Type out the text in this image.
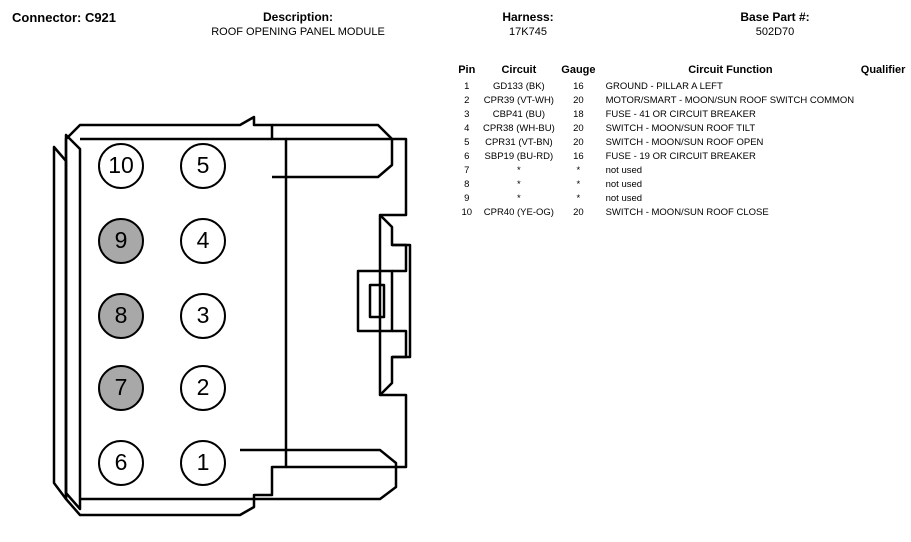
Connector: C921	Description:
ROOF OPENING PANEL MODULE
Harness:
17K745
Base Part #:
502D70
Pin	Circuit	Gauge	Circuit Function	Qualifier
1	GD133 (BK)	16	GROUND - PILLAR A LEFT	
2	CPR39 (VT-WH)	20	MOTOR/SMART - MOON/SUN ROOF SWITCH COMMON	
3	CBP41 (BU)	18	FUSE - 41 OR CIRCUIT BREAKER	
4	CPR38 (WH-BU)	20	SWITCH - MOON/SUN ROOF TILT	
5	CPR31 (VT-BN)	20	SWITCH - MOON/SUN ROOF OPEN	
6	SBP19 (BU-RD)	16	FUSE - 19 OR CIRCUIT BREAKER	
7	*	*	not used	
8	*	*	not used	
9	*	*	not used	
10	CPR40 (YE-OG)	20	SWITCH - MOON/SUN ROOF CLOSE	
10	5
9	4
8	3
7	2
6	1
